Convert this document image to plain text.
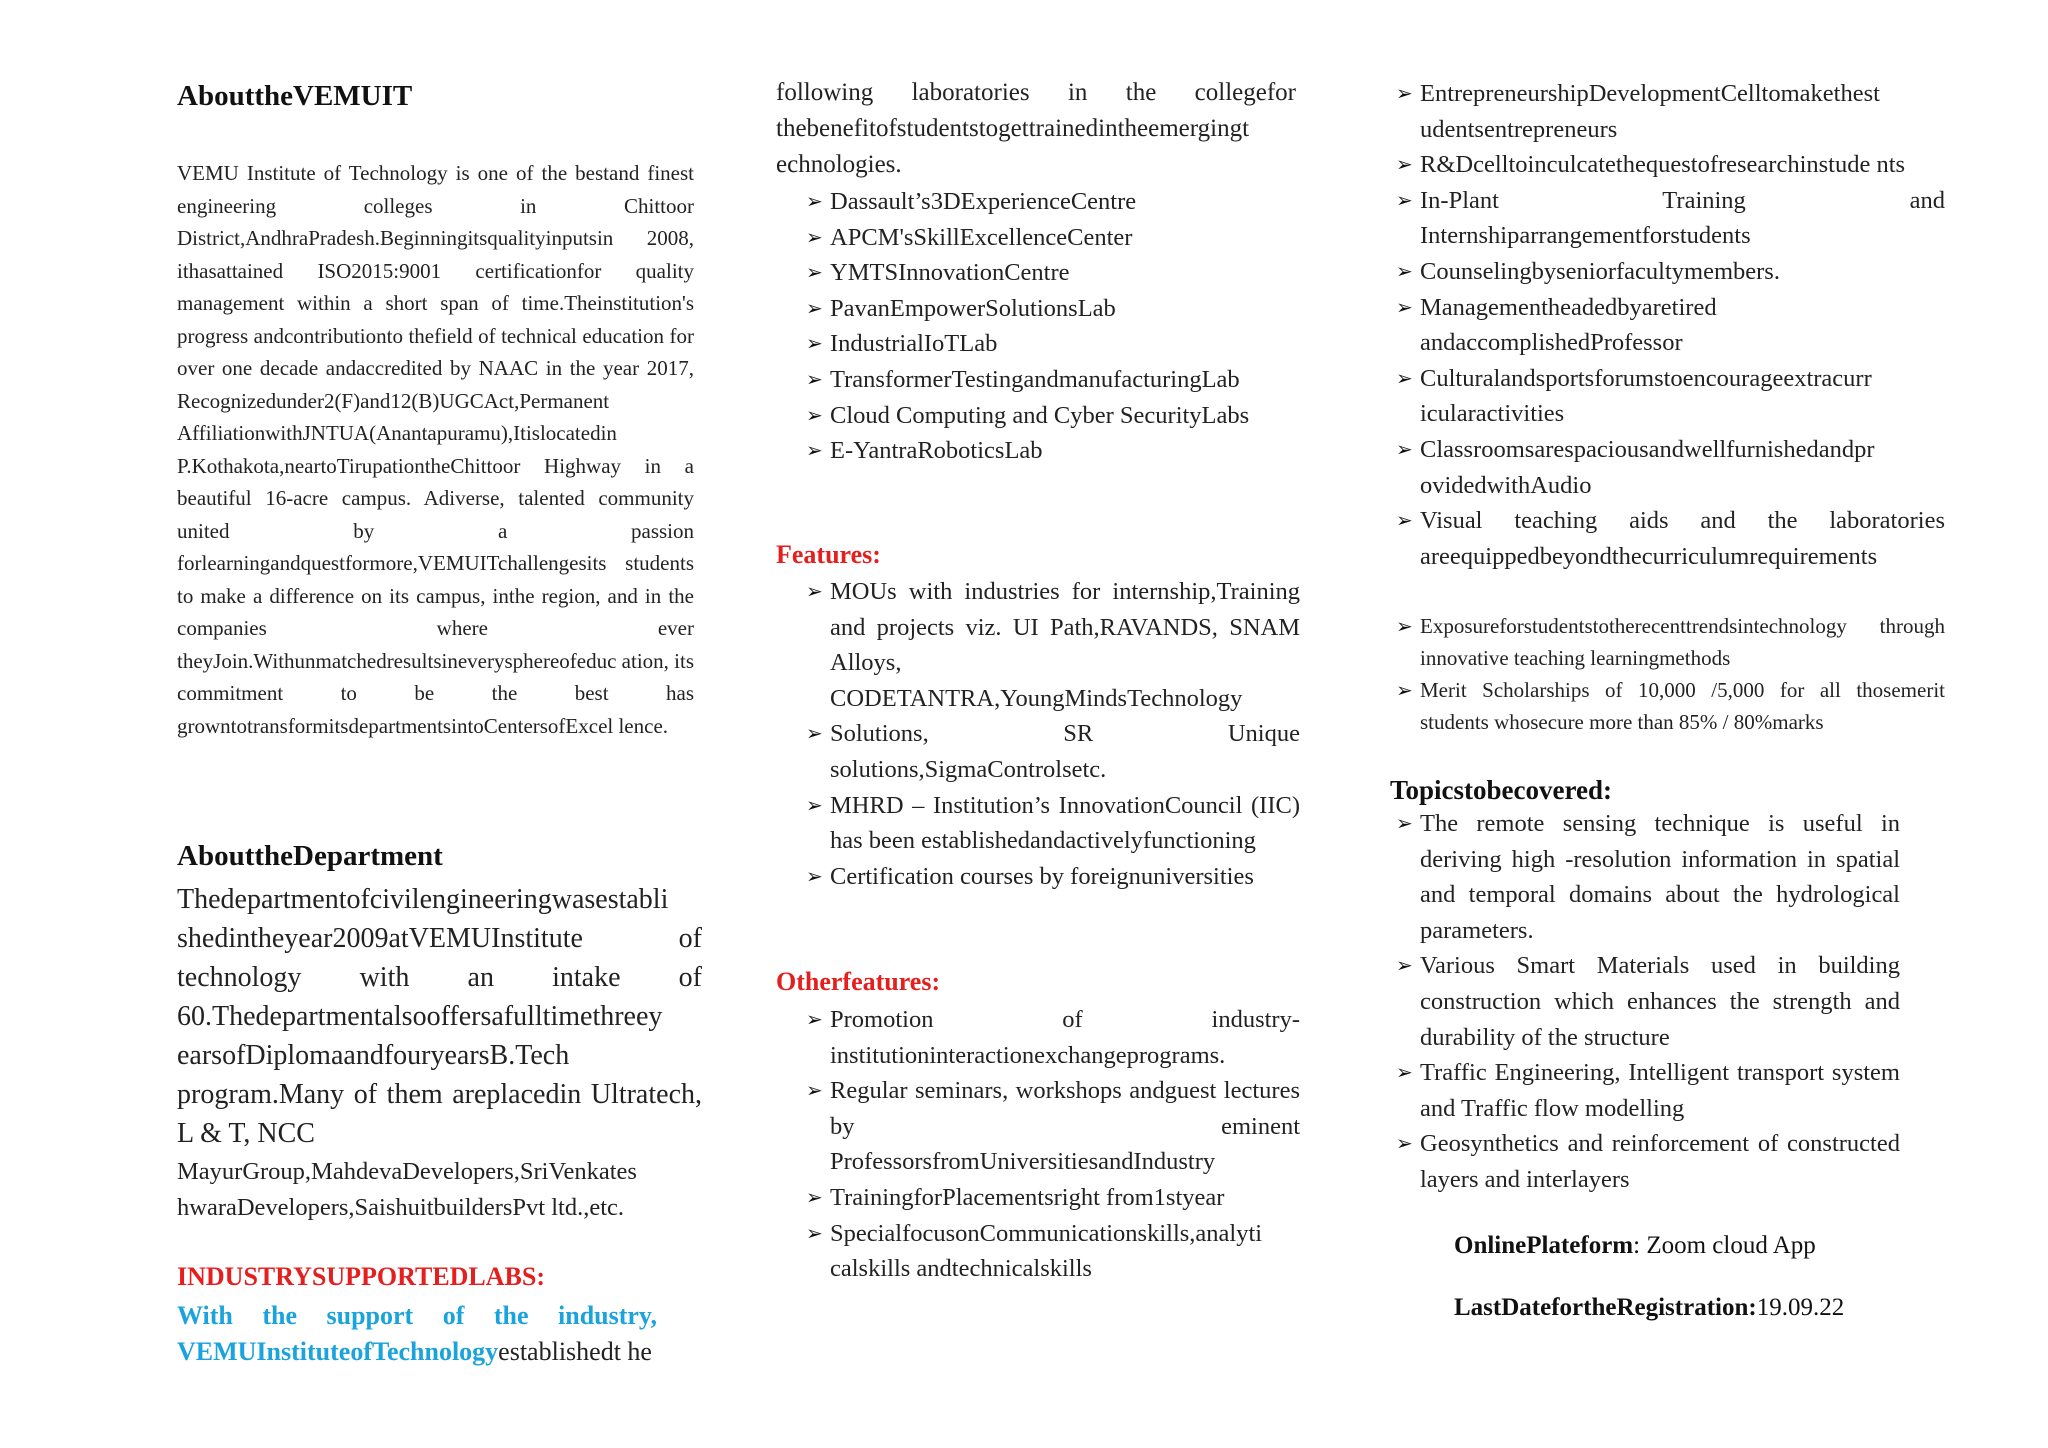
AbouttheVEMUIT
VEMU Institute of Technology is one of the bestand finest engineering colleges in Chittoor District,AndhraPradesh.Beginningitsqualityinputsin 2008, ithasattained ISO2015:9001 certificationfor quality management within a short span of time.Theinstitution's progress andcontributionto thefield of technical education for over one decade andaccredited by NAAC in the year 2017, Recognizedunder2(F)and12(B)UGCAct,Permanent AffiliationwithJNTUA(Anantapuramu),Itislocatedin P.Kothakota,neartoTirupationtheChittoor Highway in a beautiful 16-acre campus. Adiverse, talented community united by a passion forlearningandquestformore,VEMUITchallengesits students to make a difference on its campus, inthe region, and in the companies where ever theyJoin.Withunmatchedresultsineverysphereofeduc ation, its commitment to be the best has growntotransformitsdepartmentsintoCentersofExcel lence.
AbouttheDepartment
Thedepartmentofcivilengineeringwasestabli shedintheyear2009atVEMUInstitute of technology with an intake of 60.Thedepartmentalsooffersafulltimethreey earsofDiplomaandfouryearsB.Tech program.Many of them areplacedin Ultratech, L & T, NCC
MayurGroup,MahdevaDevelopers,SriVenkates hwaraDevelopers,SaishuitbuildersPvt ltd.,etc.
INDUSTRYSUPPORTEDLABS:
With the support of the industry, VEMUInstituteofTechnologyestablishedt he
following laboratories in the collegefor thebenefitofstudentstogettrainedintheemergingt echnologies.
➢ Dassault’s3DExperienceCentre
➢ APCM'sSkillExcellenceCenter
➢ YMTSInnovationCentre
➢ PavanEmpowerSolutionsLab
➢ IndustrialIoTLab
➢ TransformerTestingandmanufacturingLab
➢ Cloud Computing and Cyber SecurityLabs
➢ E-YantraRoboticsLab
Features:
➢ MOUs with industries for internship,Training and projects viz. UI Path,RAVANDS, SNAM Alloys, CODETANTRA,YoungMindsTechnology
➢ Solutions, SR Unique solutions,SigmaControlsetc.
➢ MHRD – Institution’s InnovationCouncil (IIC) has been establishedandactivelyfunctioning
➢ Certification courses by foreignuniversities
Otherfeatures:
➢ Promotion of industry-institutioninteractionexchangeprograms.
➢ Regular seminars, workshops andguest lectures by eminent ProfessorsfromUniversitiesandIndustry
➢ TrainingforPlacementsright from1styear
➢ SpecialfocusonCommunicationskills,analyti calskills andtechnicalskills
➢ EntrepreneurshipDevelopmentCelltomakethest udentsentrepreneurs
➢ R&Dcelltoinculcatethequestofresearchinstude nts
➢ In-Plant Training and Internshiparrangementforstudents
➢ Counselingbyseniorfacultymembers.
➢ Managementheadedbyaretired andaccomplishedProfessor
➢ Culturalandsportsforumstoencourageextracurr icularactivities
➢ Classroomsarespaciousandwellfurnishedandpr ovidedwithAudio
➢ Visual teaching aids and the laboratories areequippedbeyondthecurriculumrequirements
➢ Exposureforstudentstotherecenttrendsintechnology through innovative teaching learningmethods
➢ Merit Scholarships of 10,000 /5,000 for all thosemerit students whosecure more than 85% / 80%marks
Topicstobecovered:
➢ The remote sensing technique is useful in deriving high -resolution information in spatial and temporal domains about the hydrological parameters.
➢ Various Smart Materials used in building construction which enhances the strength and durability of the structure
➢ Traffic Engineering, Intelligent transport system and Traffic flow modelling
➢ Geosynthetics and reinforcement of constructed layers and interlayers
OnlinePlateform: Zoom cloud App
LastDatefortheRegistration:19.09.22
